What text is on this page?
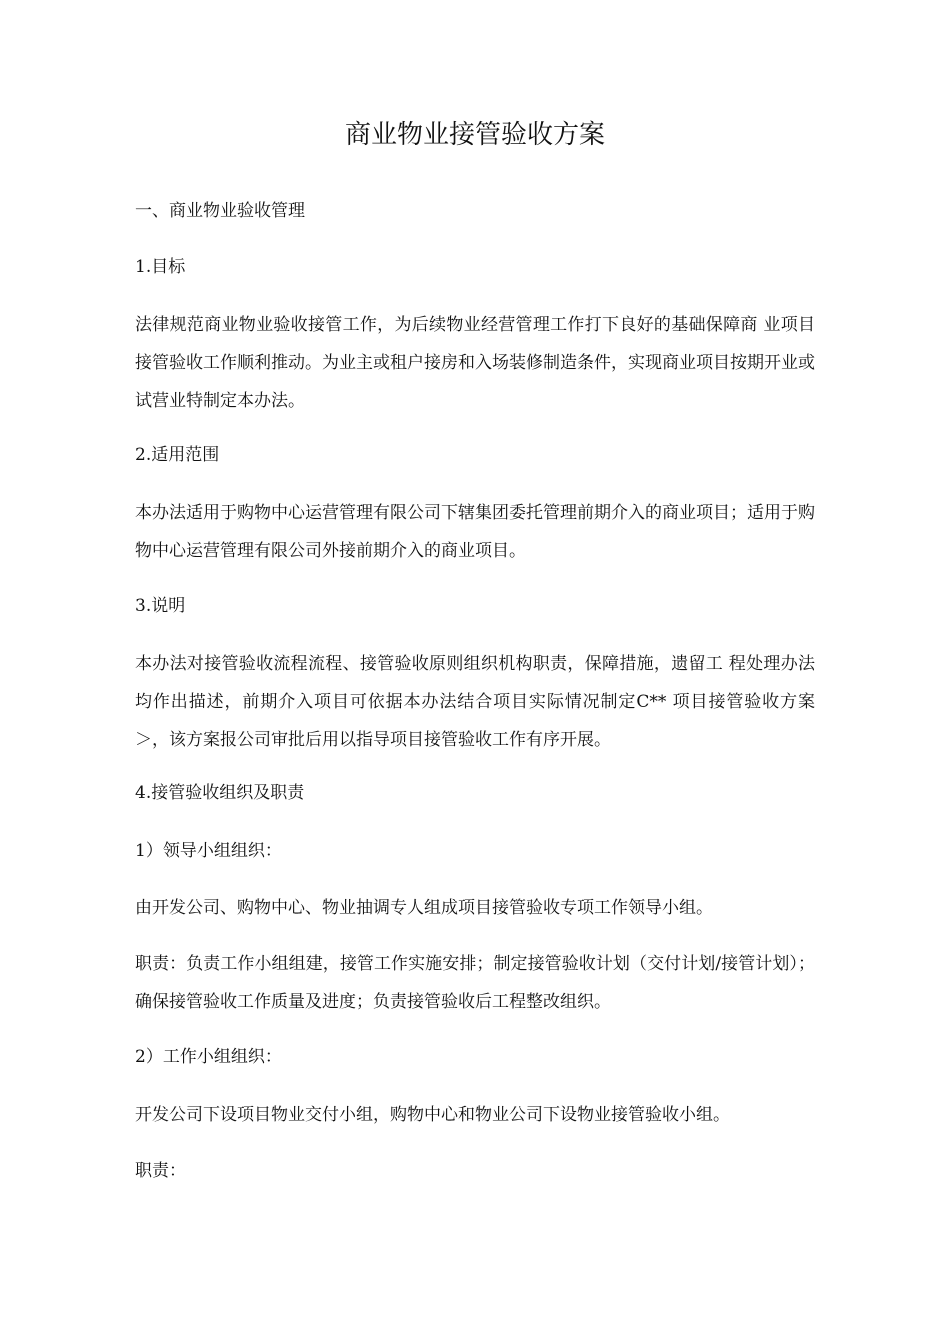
商业物业接管验收方案

一、商业物业验收管理

1.目标

法律规范商业物业验收接管工作，为后续物业经营管理工作打下良好的基础保障商 业项目接管验收工作顺利推动。为业主或租户接房和入场装修制造条件，实现商业项目按期开业或试营业特制定本办法。

2.适用范围

本办法适用于购物中心运营管理有限公司下辖集团委托管理前期介入的商业项目；适用于购物中心运营管理有限公司外接前期介入的商业项目。

3.说明

本办法对接管验收流程流程、接管验收原则组织机构职责，保障措施，遗留工 程处理办法均作出描述，前期介入项目可依据本办法结合项目实际情况制定C** 项目接管验收方案＞，该方案报公司审批后用以指导项目接管验收工作有序开展。

4.接管验收组织及职责

1）领导小组组织：

由开发公司、购物中心、物业抽调专人组成项目接管验收专项工作领导小组。

职责：负责工作小组组建，接管工作实施安排；制定接管验收计划（交付计划/接管计划）；确保接管验收工作质量及进度；负责接管验收后工程整改组织。

2）工作小组组织：

开发公司下设项目物业交付小组，购物中心和物业公司下设物业接管验收小组。

职责：
